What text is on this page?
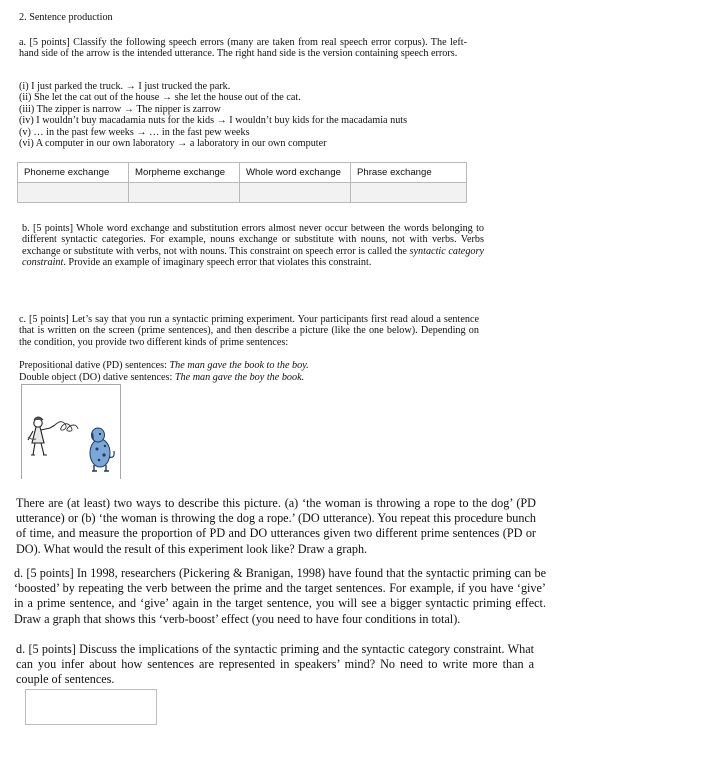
2. Sentence production
a. [5 points] Classify the following speech errors (many are taken from real speech error corpus). The left-hand side of the arrow is the intended utterance. The right hand side is the version containing speech errors.
(i) I just parked the truck. → I just trucked the park.
(ii) She let the cat out of the house → she let the house out of the cat.
(iii) The zipper is narrow → The nipper is zarrow
(iv) I wouldn’t buy macadamia nuts for the kids → I wouldn’t buy kids for the macadamia nuts
(v) … in the past few weeks → … in the fast pew weeks
(vi) A computer in our own laboratory → a laboratory in our own computer
Phoneme exchange	Morpheme exchange	Whole word exchange	Phrase exchange

b. [5 points] Whole word exchange and substitution errors almost never occur between the words belonging to different syntactic categories. For example, nouns exchange or substitute with nouns, not with verbs. Verbs exchange or substitute with verbs, not with nouns. This constraint on speech error is called the syntactic category constraint. Provide an example of imaginary speech error that violates this constraint.
c. [5 points] Let’s say that you run a syntactic priming experiment. Your participants first read aloud a sentence that is written on the screen (prime sentences), and then describe a picture (like the one below). Depending on the condition, you provide two different kinds of prime sentences:
Prepositional dative (PD) sentences: The man gave the book to the boy.
Double object (DO) dative sentences: The man gave the boy the book.
There are (at least) two ways to describe this picture. (a) ‘the woman is throwing a rope to the dog’ (PD utterance) or (b) ‘the woman is throwing the dog a rope.’ (DO utterance). You repeat this procedure bunch of time, and measure the proportion of PD and DO utterances given two different prime sentences (PD or DO). What would the result of this experiment look like? Draw a graph.
d. [5 points] In 1998, researchers (Pickering & Branigan, 1998) have found that the syntactic priming can be ‘boosted’ by repeating the verb between the prime and the target sentences. For example, if you have ‘give’ in a prime sentence, and ‘give’ again in the target sentence, you will see a bigger syntactic priming effect. Draw a graph that shows this ‘verb-boost’ effect (you need to have four conditions in total).
d. [5 points] Discuss the implications of the syntactic priming and the syntactic category constraint. What can you infer about how sentences are represented in speakers’ mind? No need to write more than a couple of sentences.
